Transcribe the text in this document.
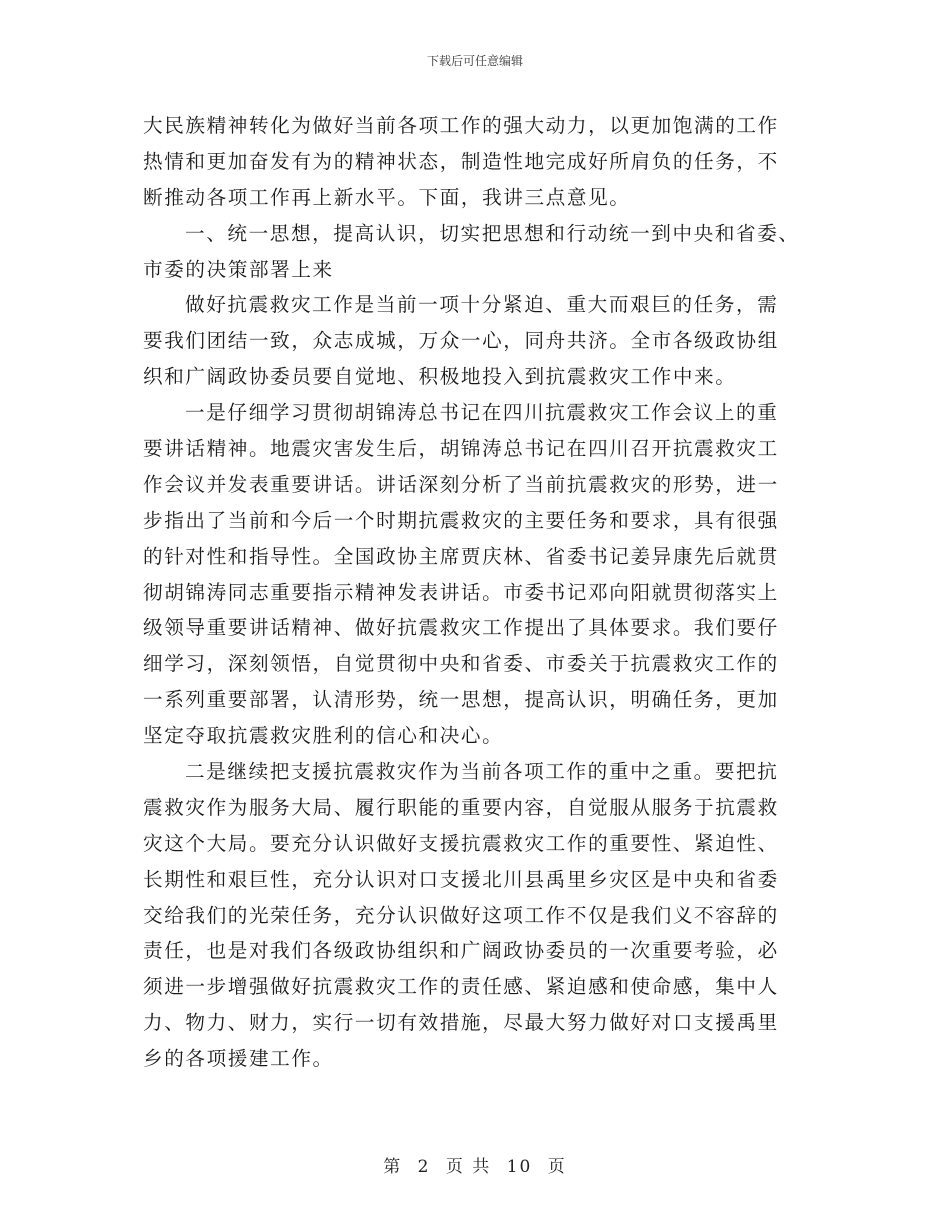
下载后可任意编辑
大民族精神转化为做好当前各项工作的强大动力，以更加饱满的工作
热情和更加奋发有为的精神状态，制造性地完成好所肩负的任务，不
断推动各项工作再上新水平。下面，我讲三点意见。
一、统一思想，提高认识，切实把思想和行动统一到中央和省委、
市委的决策部署上来
做好抗震救灾工作是当前一项十分紧迫、重大而艰巨的任务，需
要我们团结一致，众志成城，万众一心，同舟共济。全市各级政协组
织和广阔政协委员要自觉地、积极地投入到抗震救灾工作中来。
一是仔细学习贯彻胡锦涛总书记在四川抗震救灾工作会议上的重
要讲话精神。地震灾害发生后，胡锦涛总书记在四川召开抗震救灾工
作会议并发表重要讲话。讲话深刻分析了当前抗震救灾的形势，进一
步指出了当前和今后一个时期抗震救灾的主要任务和要求，具有很强
的针对性和指导性。全国政协主席贾庆林、省委书记姜异康先后就贯
彻胡锦涛同志重要指示精神发表讲话。市委书记邓向阳就贯彻落实上
级领导重要讲话精神、做好抗震救灾工作提出了具体要求。我们要仔
细学习，深刻领悟，自觉贯彻中央和省委、市委关于抗震救灾工作的
一系列重要部署，认清形势，统一思想，提高认识，明确任务，更加
坚定夺取抗震救灾胜利的信心和决心。
二是继续把支援抗震救灾作为当前各项工作的重中之重。要把抗
震救灾作为服务大局、履行职能的重要内容，自觉服从服务于抗震救
灾这个大局。要充分认识做好支援抗震救灾工作的重要性、紧迫性、
长期性和艰巨性，充分认识对口支援北川县禹里乡灾区是中央和省委
交给我们的光荣任务，充分认识做好这项工作不仅是我们义不容辞的
责任，也是对我们各级政协组织和广阔政协委员的一次重要考验，必
须进一步增强做好抗震救灾工作的责任感、紧迫感和使命感，集中人
力、物力、财力，实行一切有效措施，尽最大努力做好对口支援禹里
乡的各项援建工作。
第 2 页 共 10 页
